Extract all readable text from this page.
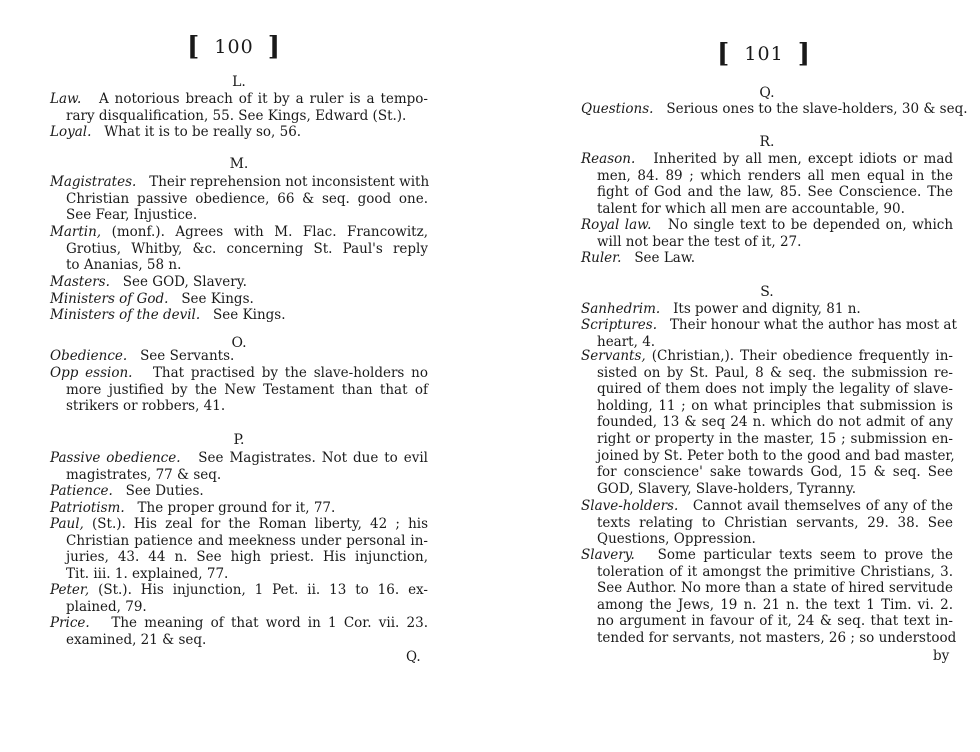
[ 100 ]
L.
Law. A notorious breach of it by a ruler is a tempo-
rary disqualification, 55. See Kings, Edward (St.).
Loyal. What it is to be really so, 56.
M.
Magistrates. Their reprehension not inconsistent with
Christian passive obedience, 66 & seq. good one.
See Fear, Injustice.
Martin, (monf.). Agrees with M. Flac. Francowitz,
Grotius, Whitby, &c. concerning St. Paul's reply
to Ananias, 58 n.
Masters. See GOD, Slavery.
Ministers of God. See Kings.
Ministers of the devil. See Kings.
O.
Obedience. See Servants.
Opp ession. That practised by the slave-holders no
more justified by the New Testament than that of
strikers or robbers, 41.
P.
Passive obedience. See Magistrates. Not due to evil
magistrates, 77 & seq.
Patience. See Duties.
Patriotism. The proper ground for it, 77.
Paul, (St.). His zeal for the Roman liberty, 42 ; his
Christian patience and meekness under personal in-
juries, 43. 44 n. See high priest. His injunction,
Tit. iii. 1. explained, 77.
Peter, (St.). His injunction, 1 Pet. ii. 13 to 16. ex-
plained, 79.
Price. The meaning of that word in 1 Cor. vii. 23.
examined, 21 & seq.
Q.
[ 101 ]
Q.
Questions. Serious ones to the slave-holders, 30 & seq.
R.
Reason. Inherited by all men, except idiots or mad
men, 84. 89 ; which renders all men equal in the
fight of God and the law, 85. See Conscience. The
talent for which all men are accountable, 90.
Royal law. No single text to be depended on, which
will not bear the test of it, 27.
Ruler. See Law.
S.
Sanhedrim. Its power and dignity, 81 n.
Scriptures. Their honour what the author has most at
heart, 4.
Servants, (Christian,). Their obedience frequently in-
sisted on by St. Paul, 8 & seq. the submission re-
quired of them does not imply the legality of slave-
holding, 11 ; on what principles that submission is
founded, 13 & seq 24 n. which do not admit of any
right or property in the master, 15 ; submission en-
joined by St. Peter both to the good and bad master,
for conscience' sake towards God, 15 & seq. See
GOD, Slavery, Slave-holders, Tyranny.
Slave-holders. Cannot avail themselves of any of the
texts relating to Christian servants, 29. 38. See
Questions, Oppression.
Slavery. Some particular texts seem to prove the
toleration of it amongst the primitive Christians, 3.
See Author. No more than a state of hired servitude
among the Jews, 19 n. 21 n. the text 1 Tim. vi. 2.
no argument in favour of it, 24 & seq. that text in-
tended for servants, not masters, 26 ; so understood
by
